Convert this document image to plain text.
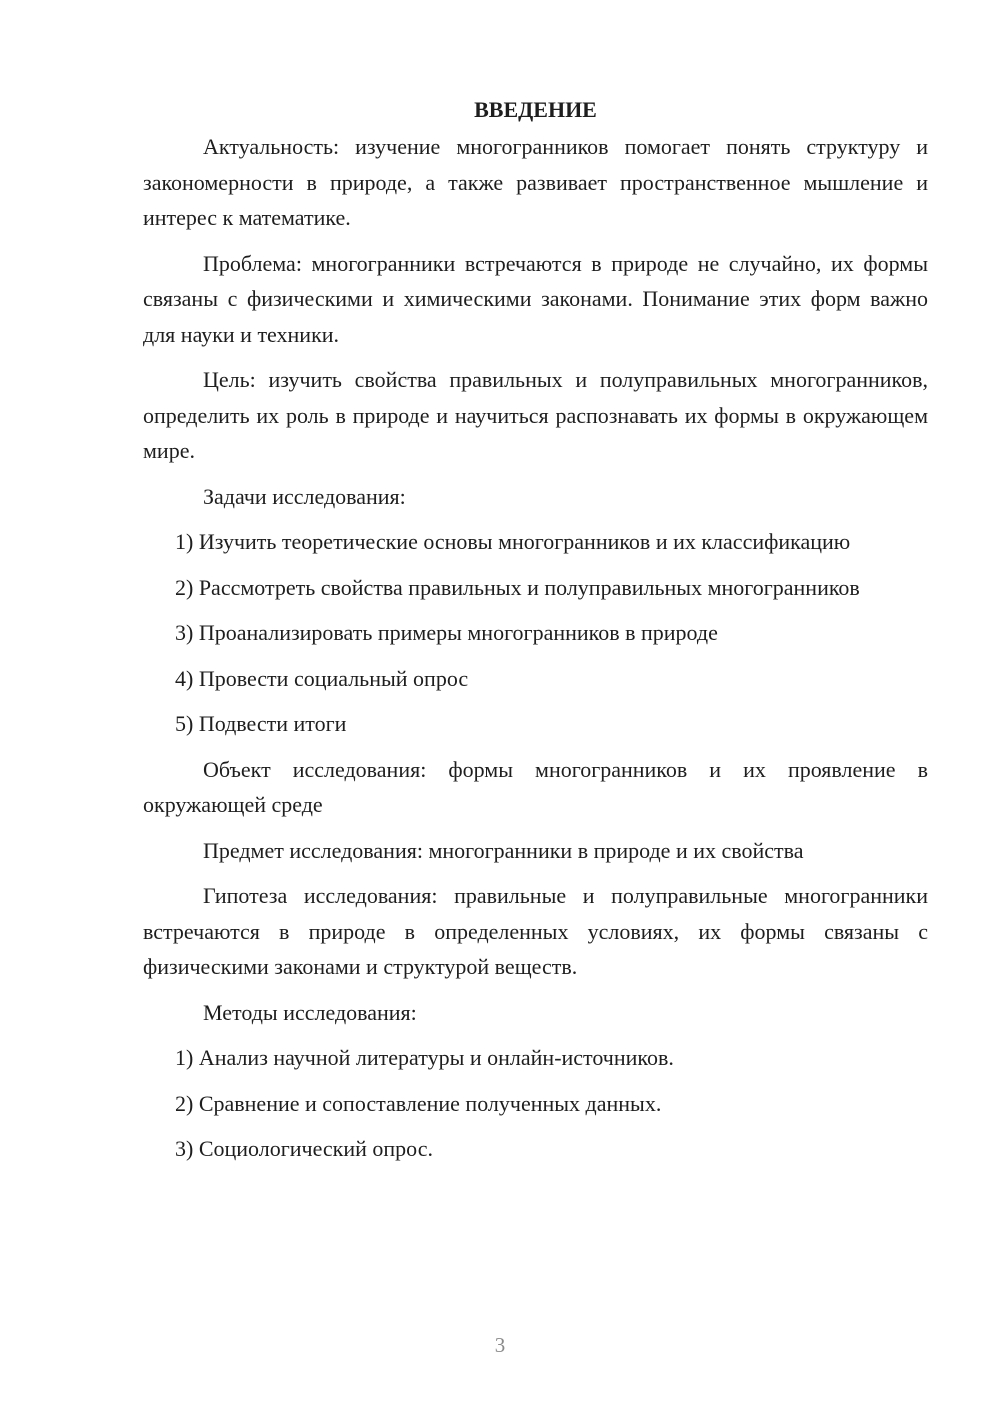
ВВЕДЕНИЕ

Актуальность: изучение многогранников помогает понять структуру и закономерности в природе, а также развивает пространственное мышление и интерес к математике.

Проблема: многогранники встречаются в природе не случайно, их формы связаны с физическими и химическими законами. Понимание этих форм важно для науки и техники.

Цель: изучить свойства правильных и полуправильных многогранников, определить их роль в природе и научиться распознавать их формы в окружающем мире.

Задачи исследования:

1) Изучить теоретические основы многогранников и их классификацию

2) Рассмотреть свойства правильных и полуправильных многогранников

3) Проанализировать примеры многогранников в природе

4) Провести социальный опрос

5) Подвести итоги

Объект исследования: формы многогранников и их проявление в окружающей среде

Предмет исследования: многогранники в природе и их свойства

Гипотеза исследования: правильные и полуправильные многогранники встречаются в природе в определенных условиях, их формы связаны с физическими законами и структурой веществ.

Методы исследования:

1) Анализ научной литературы и онлайн-источников.

2) Сравнение и сопоставление полученных данных.

3) Социологический опрос.

3
